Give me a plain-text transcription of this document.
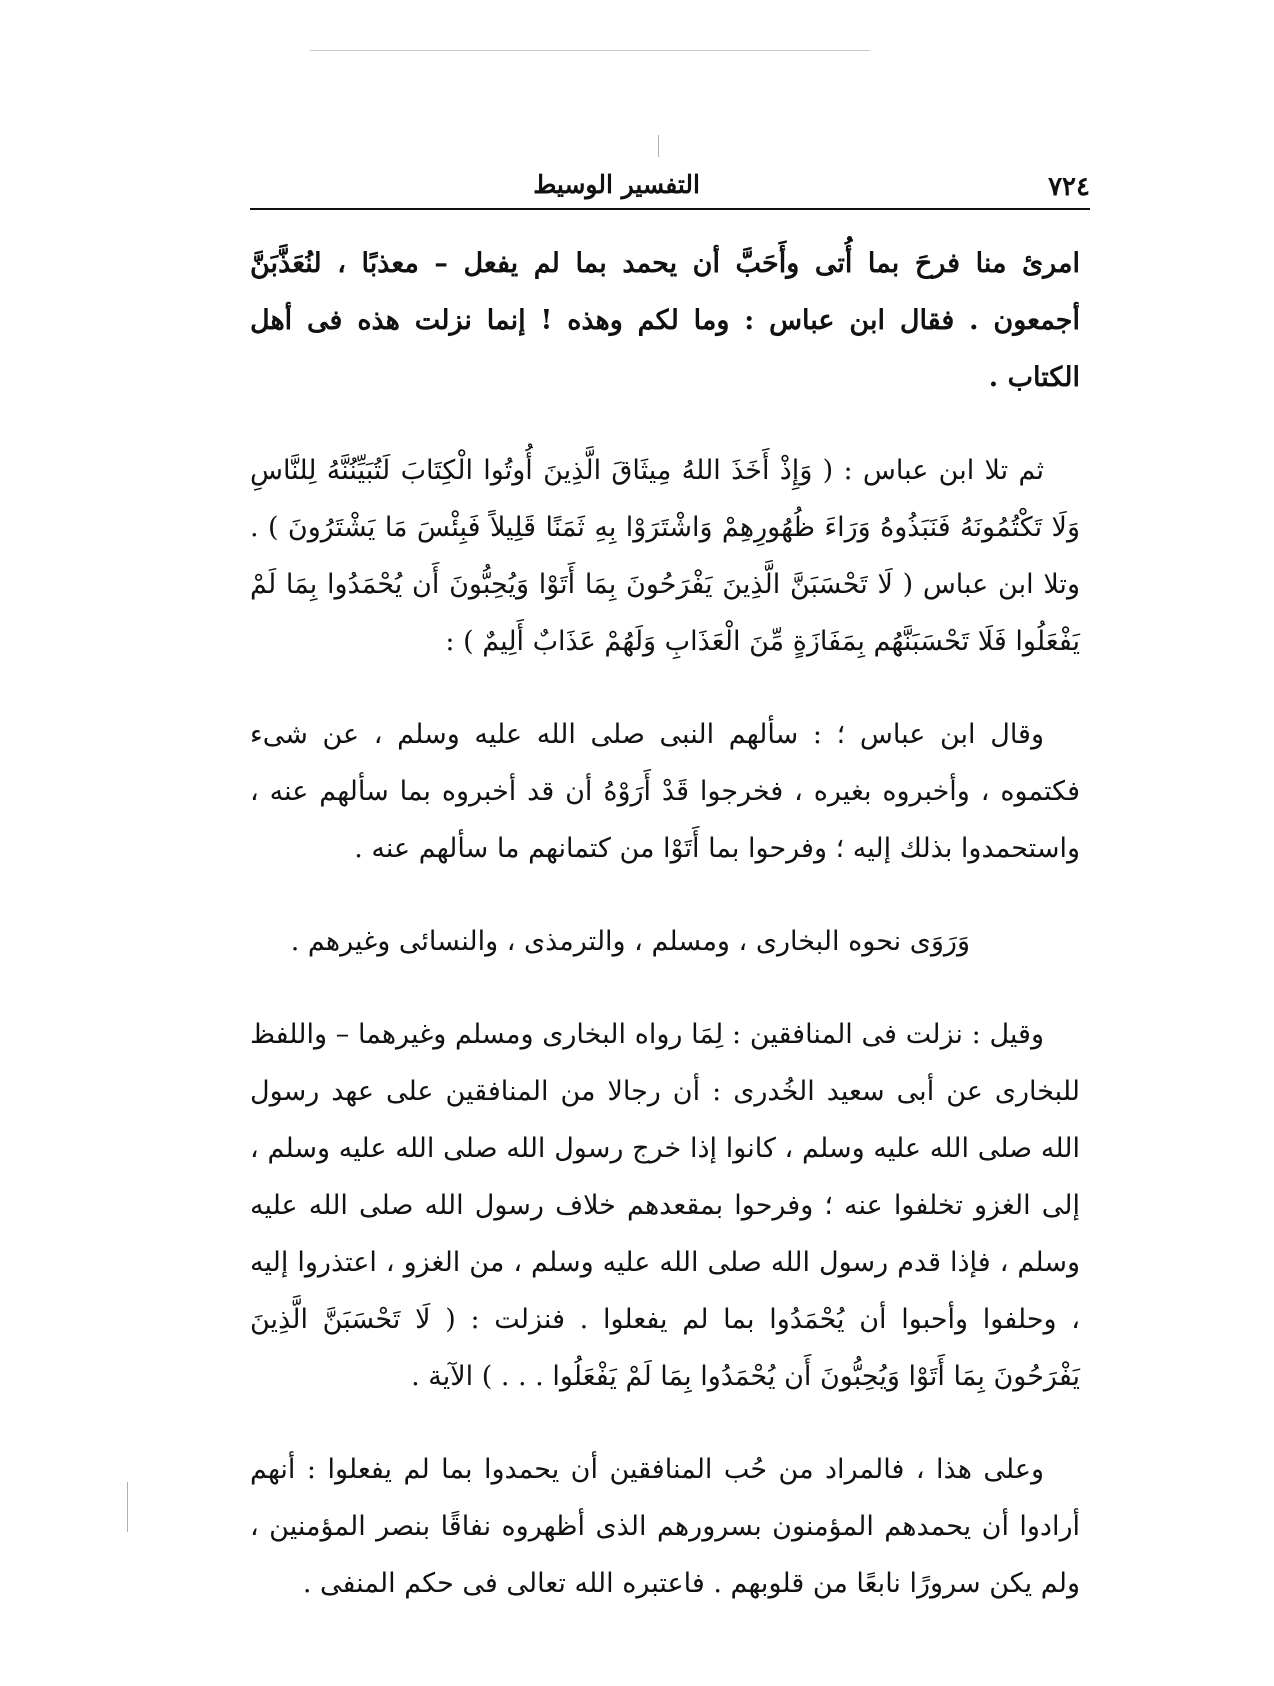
٧٢٤
التفسير الوسيط

امرئ منا فرحَ بما أُتى وأَحَبَّ أن يحمد بما لم يفعل – معذبًا ، لنُعَذَّبَنَّ أجمعون . فقال ابن عباس : وما لكم وهذه ! إنما نزلت هذه فى أهل الكتاب .

ثم تلا ابن عباس : ( وَإِذْ أَخَذَ اللهُ مِيثَاقَ الَّذِينَ أُوتُوا الْكِتَابَ لَتُبَيِّنُنَّهُ لِلنَّاسِ وَلَا تَكْتُمُونَهُ فَنَبَذُوهُ وَرَاءَ ظُهُورِهِمْ وَاشْتَرَوْا بِهِ ثَمَنًا قَلِيلاً فَبِئْسَ مَا يَشْتَرُونَ ) . وتلا ابن عباس ( لَا تَحْسَبَنَّ الَّذِينَ يَفْرَحُونَ بِمَا أَتَوْا وَيُحِبُّونَ أَن يُحْمَدُوا بِمَا لَمْ يَفْعَلُوا فَلَا تَحْسَبَنَّهُم بِمَفَازَةٍ مِّنَ الْعَذَابِ وَلَهُمْ عَذَابٌ أَلِيمٌ ) :

وقال ابن عباس ؛ : سألهم النبى صلى الله عليه وسلم ، عن شىء فكتموه ، وأخبروه بغيره ، فخرجوا قَدْ أَرَوْهُ أن قد أخبروه بما سألهم عنه ، واستحمدوا بذلك إليه ؛ وفرحوا بما أَتَوْا من كتمانهم ما سألهم عنه .

وَرَوَى نحوه البخارى ، ومسلم ، والترمذى ، والنسائى وغيرهم .

وقيل : نزلت فى المنافقين : لِمَا رواه البخارى ومسلم وغيرهما – واللفظ للبخارى عن أبى سعيد الخُدرى : أن رجالا من المنافقين على عهد رسول الله صلى الله عليه وسلم ، كانوا إذا خرج رسول الله صلى الله عليه وسلم ، إلى الغزو تخلفوا عنه ؛ وفرحوا بمقعدهم خلاف رسول الله صلى الله عليه وسلم ، فإذا قدم رسول الله صلى الله عليه وسلم ، من الغزو ، اعتذروا إليه ، وحلفوا وأحبوا أن يُحْمَدُوا بما لم يفعلوا . فنزلت : ( لَا تَحْسَبَنَّ الَّذِينَ يَفْرَحُونَ بِمَا أَتَوْا وَيُحِبُّونَ أَن يُحْمَدُوا بِمَا لَمْ يَفْعَلُوا . . . ) الآية .

وعلى هذا ، فالمراد من حُب المنافقين أن يحمدوا بما لم يفعلوا : أنهم أرادوا أن يحمدهم المؤمنون بسرورهم الذى أظهروه نفاقًا بنصر المؤمنين ، ولم يكن سرورًا نابعًا من قلوبهم . فاعتبره الله تعالى فى حكم المنفى .
